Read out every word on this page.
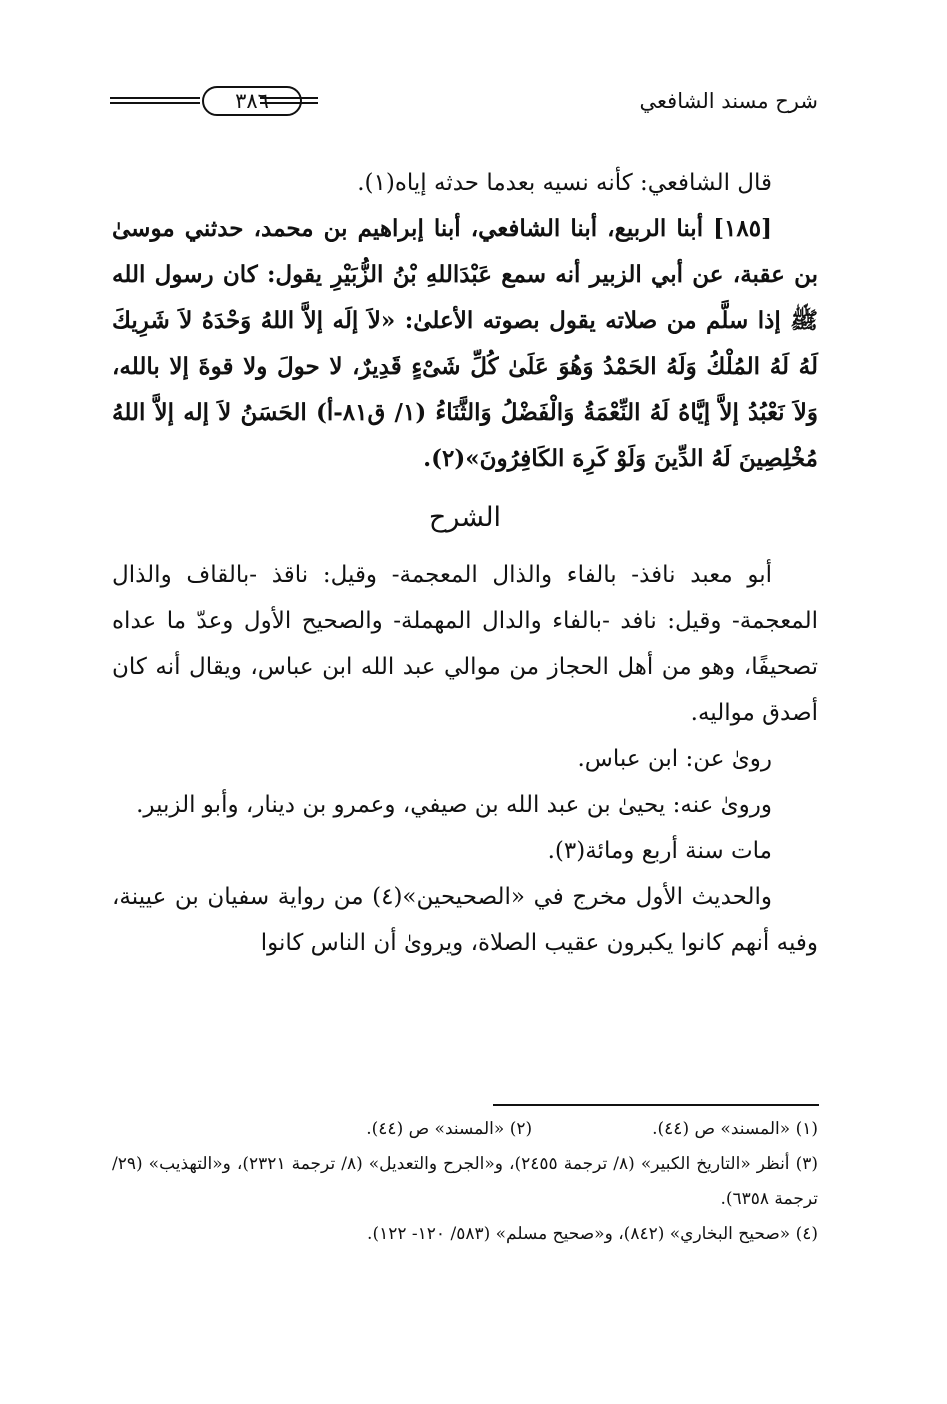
٣٨٦	شرح مسند الشافعي

قال الشافعي: كأنه نسيه بعدما حدثه إياه(١).

[١٨٥] أبنا الربيع، أبنا الشافعي، أبنا إبراهيم بن محمد، حدثني موسىٰ بن عقبة، عن أبي الزبير أنه سمع عَبْدَاللهِ بْنُ الزُّبَيْرِ يقول: كان رسول الله ﷺ إذا سلَّم من صلاته يقول بصوته الأعلىٰ: «لاَ إلَه إلاَّ اللهُ وَحْدَهُ لاَ شَرِيكَ لَهُ لَهُ المُلْكُ وَلَهُ الحَمْدُ وَهُوَ عَلَىٰ كُلِّ شَىْءٍ قَدِيرٌ، لا حولَ ولا قوةَ إلا بالله، وَلاَ نَعْبُدُ إلاَّ إيَّاهُ لَهُ النِّعْمَةُ وَالْفَضْلُ وَالثَّنَاءُ (١/ ق٨١-أ) الحَسَنُ لاَ إله إلاَّ اللهُ مُخْلِصِينَ لَهُ الدِّينَ وَلَوْ كَرِهَ الكَافِرُونَ»(٢).

الشرح

أبو معبد نافذ- بالفاء والذال المعجمة- وقيل: ناقذ -بالقاف والذال المعجمة- وقيل: نافد -بالفاء والدال المهملة- والصحيح الأول وعدّ ما عداه تصحيفًا، وهو من أهل الحجاز من موالي عبد الله ابن عباس، ويقال أنه كان أصدق مواليه.

روىٰ عن: ابن عباس.

وروىٰ عنه: يحيىٰ بن عبد الله بن صيفي، وعمرو بن دينار، وأبو الزبير.

مات سنة أربع ومائة(٣).

والحديث الأول مخرج في «الصحيحين»(٤) من رواية سفيان بن عيينة، وفيه أنهم كانوا يكبرون عقيب الصلاة، ويروىٰ أن الناس كانوا

(١) «المسند» ص (٤٤).
(٢) «المسند» ص (٤٤).
(٣) أنظر «التاريخ الكبير» (٨/ ترجمة ٢٤٥٥)، و«الجرح والتعديل» (٨/ ترجمة ٢٣٢١)، و«التهذيب» (٢٩/ ترجمة ٦٣٥٨).
(٤) «صحيح البخاري» (٨٤٢)، و«صحيح مسلم» (٥٨٣/ ١٢٠- ١٢٢).
